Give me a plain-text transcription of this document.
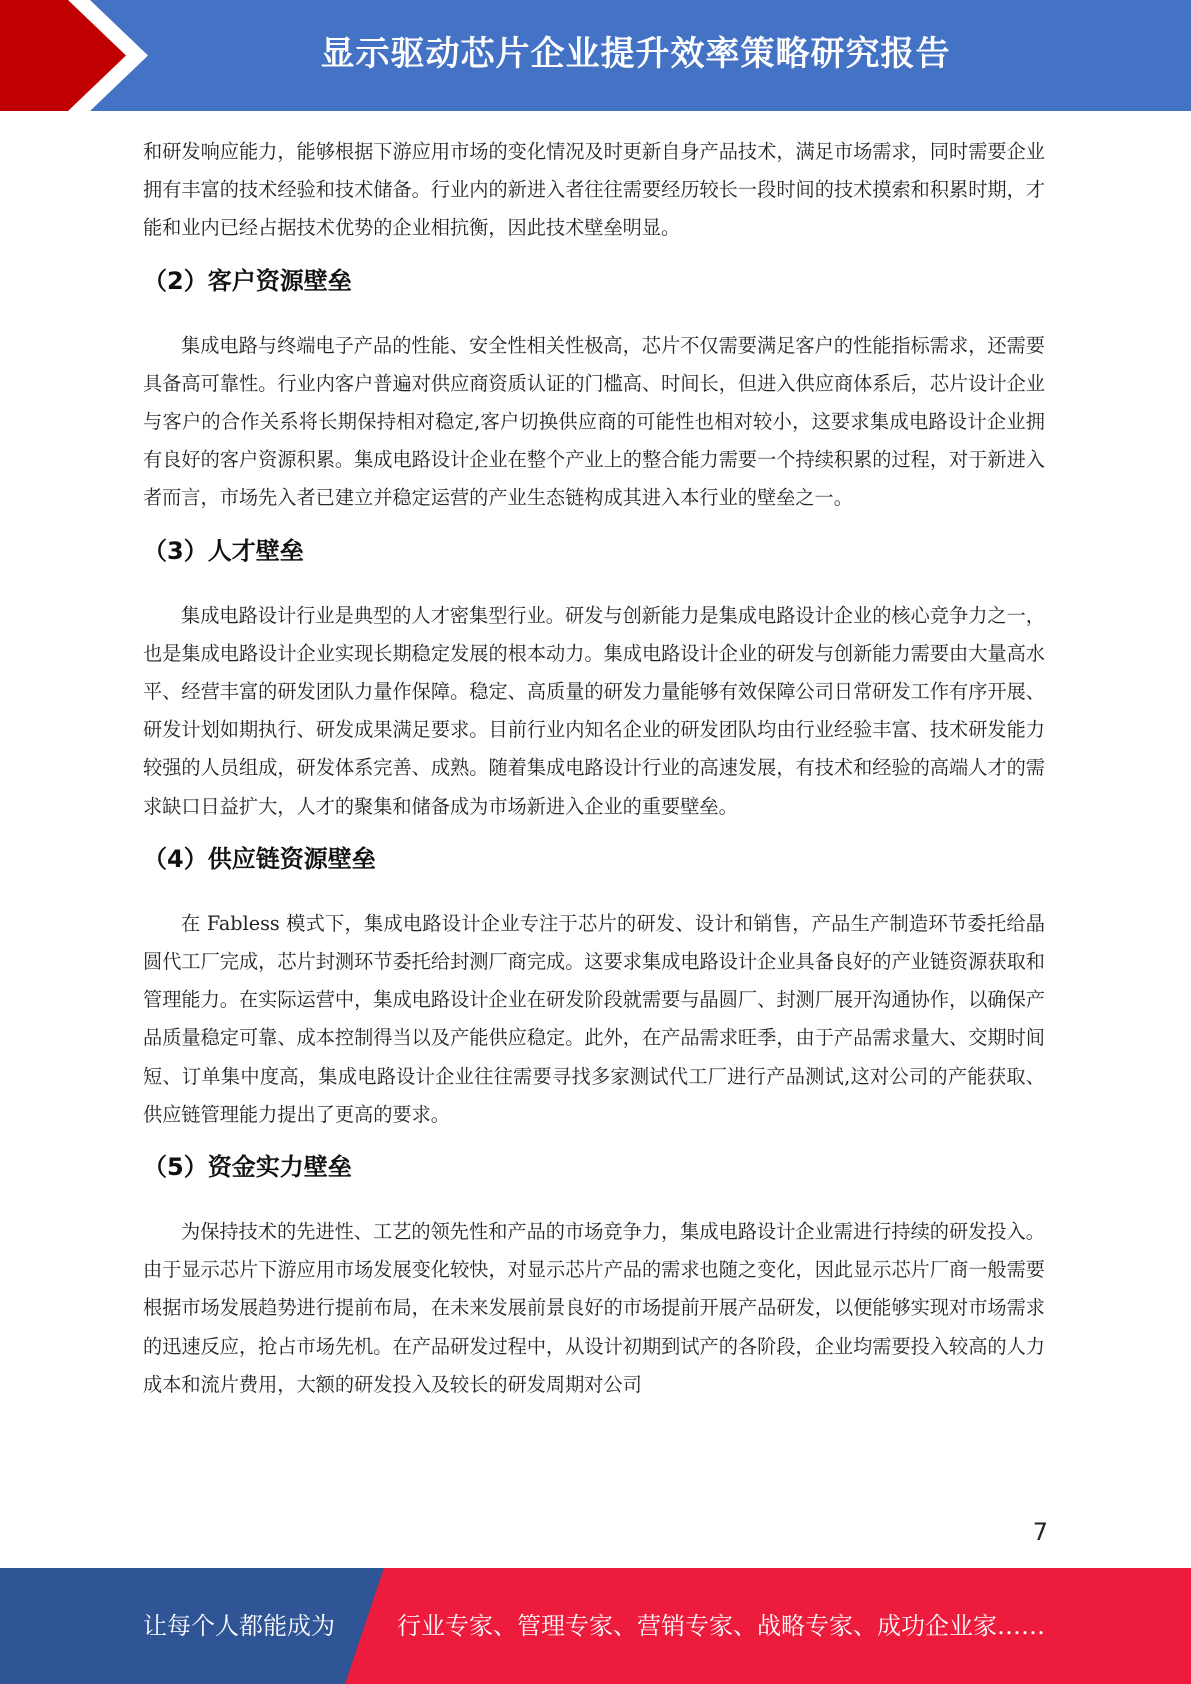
显示驱动芯片企业提升效率策略研究报告

和研发响应能力，能够根据下游应用市场的变化情况及时更新自身产品技术，满足市场需求，同时需要企业拥有丰富的技术经验和技术储备。行业内的新进入者往往需要经历较长一段时间的技术摸索和积累时期，才能和业内已经占据技术优势的企业相抗衡，因此技术壁垒明显。

（2）客户资源壁垒

集成电路与终端电子产品的性能、安全性相关性极高，芯片不仅需要满足客户的性能指标需求，还需要具备高可靠性。行业内客户普遍对供应商资质认证的门槛高、时间长，但进入供应商体系后，芯片设计企业与客户的合作关系将长期保持相对稳定,客户切换供应商的可能性也相对较小，这要求集成电路设计企业拥有良好的客户资源积累。集成电路设计企业在整个产业上的整合能力需要一个持续积累的过程，对于新进入者而言，市场先入者已建立并稳定运营的产业生态链构成其进入本行业的壁垒之一。

（3）人才壁垒

集成电路设计行业是典型的人才密集型行业。研发与创新能力是集成电路设计企业的核心竞争力之一，也是集成电路设计企业实现长期稳定发展的根本动力。集成电路设计企业的研发与创新能力需要由大量高水平、经营丰富的研发团队力量作保障。稳定、高质量的研发力量能够有效保障公司日常研发工作有序开展、研发计划如期执行、研发成果满足要求。目前行业内知名企业的研发团队均由行业经验丰富、技术研发能力较强的人员组成，研发体系完善、成熟。随着集成电路设计行业的高速发展，有技术和经验的高端人才的需求缺口日益扩大，人才的聚集和储备成为市场新进入企业的重要壁垒。

（4）供应链资源壁垒

在 Fabless 模式下，集成电路设计企业专注于芯片的研发、设计和销售，产品生产制造环节委托给晶圆代工厂完成，芯片封测环节委托给封测厂商完成。这要求集成电路设计企业具备良好的产业链资源获取和管理能力。在实际运营中，集成电路设计企业在研发阶段就需要与晶圆厂、封测厂展开沟通协作，以确保产品质量稳定可靠、成本控制得当以及产能供应稳定。此外，在产品需求旺季，由于产品需求量大、交期时间短、订单集中度高，集成电路设计企业往往需要寻找多家测试代工厂进行产品测试,这对公司的产能获取、供应链管理能力提出了更高的要求。

（5）资金实力壁垒

为保持技术的先进性、工艺的领先性和产品的市场竞争力，集成电路设计企业需进行持续的研发投入。由于显示芯片下游应用市场发展变化较快，对显示芯片产品的需求也随之变化，因此显示芯片厂商一般需要根据市场发展趋势进行提前布局，在未来发展前景良好的市场提前开展产品研发，以便能够实现对市场需求的迅速反应，抢占市场先机。在产品研发过程中，从设计初期到试产的各阶段，企业均需要投入较高的人力成本和流片费用，大额的研发投入及较长的研发周期对公司

7
让每个人都能成为	行业专家、管理专家、营销专家、战略专家、成功企业家……
